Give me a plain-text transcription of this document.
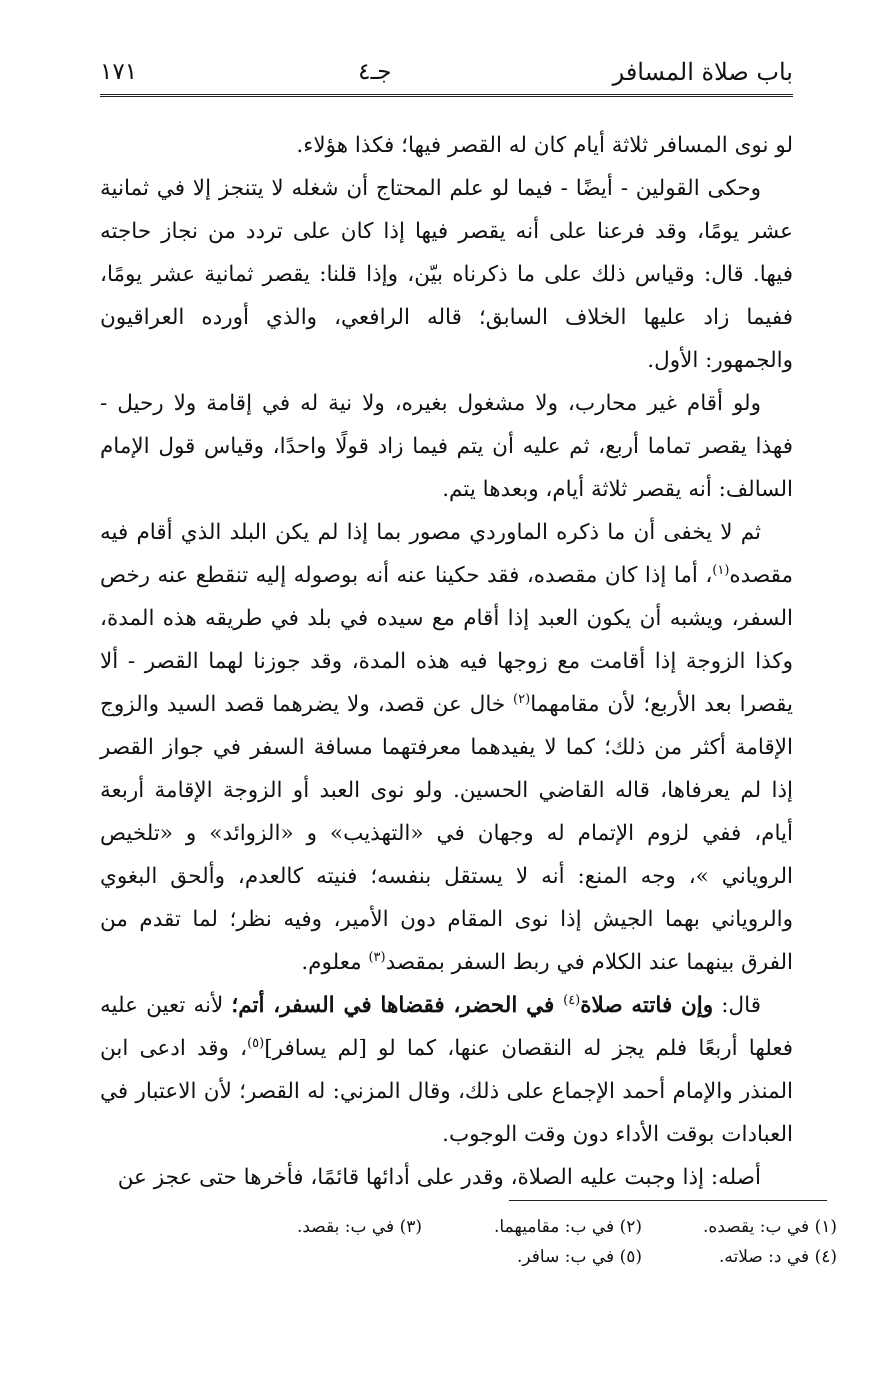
باب صلاة المسافر
جـ٤
١٧١

لو نوى المسافر ثلاثة أيام كان له القصر فيها؛ فكذا هؤلاء.

وحكى القولين - أيضًا - فيما لو علم المحتاج أن شغله لا يتنجز إلا في ثمانية عشر يومًا، وقد فرعنا على أنه يقصر فيها إذا كان على تردد من نجاز حاجته فيها. قال: وقياس ذلك على ما ذكرناه بيّن، وإذا قلنا: يقصر ثمانية عشر يومًا، ففيما زاد عليها الخلاف السابق؛ قاله الرافعي، والذي أورده العراقيون والجمهور: الأول.

ولو أقام غير محارب، ولا مشغول بغيره، ولا نية له في إقامة ولا رحيل - فهذا يقصر تماما أربع، ثم عليه أن يتم فيما زاد قولًا واحدًا، وقياس قول الإمام السالف: أنه يقصر ثلاثة أيام، وبعدها يتم.

ثم لا يخفى أن ما ذكره الماوردي مصور بما إذا لم يكن البلد الذي أقام فيه مقصده$^{(١)}$، أما إذا كان مقصده، فقد حكينا عنه أنه بوصوله إليه تنقطع عنه رخص السفر، ويشبه أن يكون العبد إذا أقام مع سيده في بلد في طريقه هذه المدة، وكذا الزوجة إذا أقامت مع زوجها فيه هذه المدة، وقد جوزنا لهما القصر - ألا يقصرا بعد الأربع؛ لأن مقامهما$^{(٢)}$ خال عن قصد، ولا يضرهما قصد السيد والزوج الإقامة أكثر من ذلك؛ كما لا يفيدهما معرفتهما مسافة السفر في جواز القصر إذا لم يعرفاها، قاله القاضي الحسين. ولو نوى العبد أو الزوجة الإقامة أربعة أيام، ففي لزوم الإتمام له وجهان في «التهذيب» و «الزوائد» و «تلخيص الروياني »، وجه المنع: أنه لا يستقل بنفسه؛ فنيته كالعدم، وألحق البغوي والروياني بهما الجيش إذا نوى المقام دون الأمير، وفيه نظر؛ لما تقدم من الفرق بينهما عند الكلام في ربط السفر بمقصد$^{(٣)}$ معلوم.

قال: وإن فاتته صلاة$^{(٤)}$ في الحضر، فقضاها في السفر، أتم؛ لأنه تعين عليه فعلها أربعًا فلم يجز له النقصان عنها، كما لو [لم يسافر]$^{(٥)}$، وقد ادعى ابن المنذر والإمام أحمد الإجماع على ذلك، وقال المزني: له القصر؛ لأن الاعتبار في العبادات بوقت الأداء دون وقت الوجوب.

أصله: إذا وجبت عليه الصلاة، وقدر على أدائها قائمًا، فأخرها حتى عجز عن

(١) في ب: يقصده.
(٢) في ب: مقاميهما.
(٣) في ب: بقصد.
(٤) في د: صلاته.
(٥) في ب: سافر.
